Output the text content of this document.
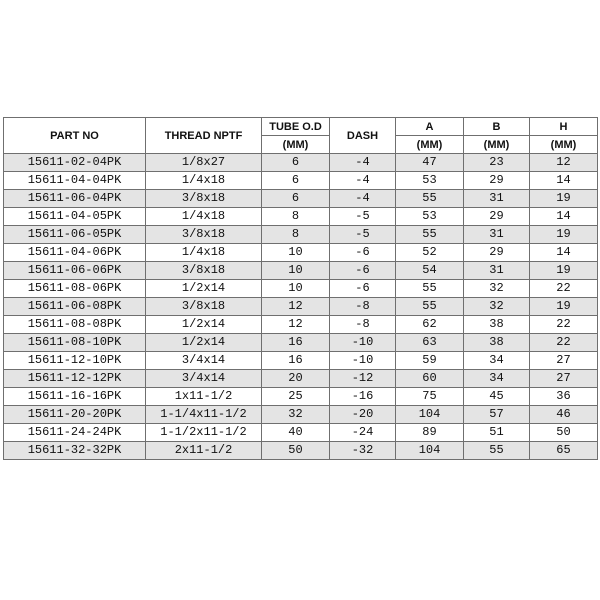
PART NO	THREAD NPTF	TUBE O.D	DASH	A	B	H
		(MM)		(MM)	(MM)	(MM)
15611-02-04PK	1/8x27	6	-4	47	23	12
15611-04-04PK	1/4x18	6	-4	53	29	14
15611-06-04PK	3/8x18	6	-4	55	31	19
15611-04-05PK	1/4x18	8	-5	53	29	14
15611-06-05PK	3/8x18	8	-5	55	31	19
15611-04-06PK	1/4x18	10	-6	52	29	14
15611-06-06PK	3/8x18	10	-6	54	31	19
15611-08-06PK	1/2x14	10	-6	55	32	22
15611-06-08PK	3/8x18	12	-8	55	32	19
15611-08-08PK	1/2x14	12	-8	62	38	22
15611-08-10PK	1/2x14	16	-10	63	38	22
15611-12-10PK	3/4x14	16	-10	59	34	27
15611-12-12PK	3/4x14	20	-12	60	34	27
15611-16-16PK	1x11-1/2	25	-16	75	45	36
15611-20-20PK	1-1/4x11-1/2	32	-20	104	57	46
15611-24-24PK	1-1/2x11-1/2	40	-24	89	51	50
15611-32-32PK	2x11-1/2	50	-32	104	55	65
